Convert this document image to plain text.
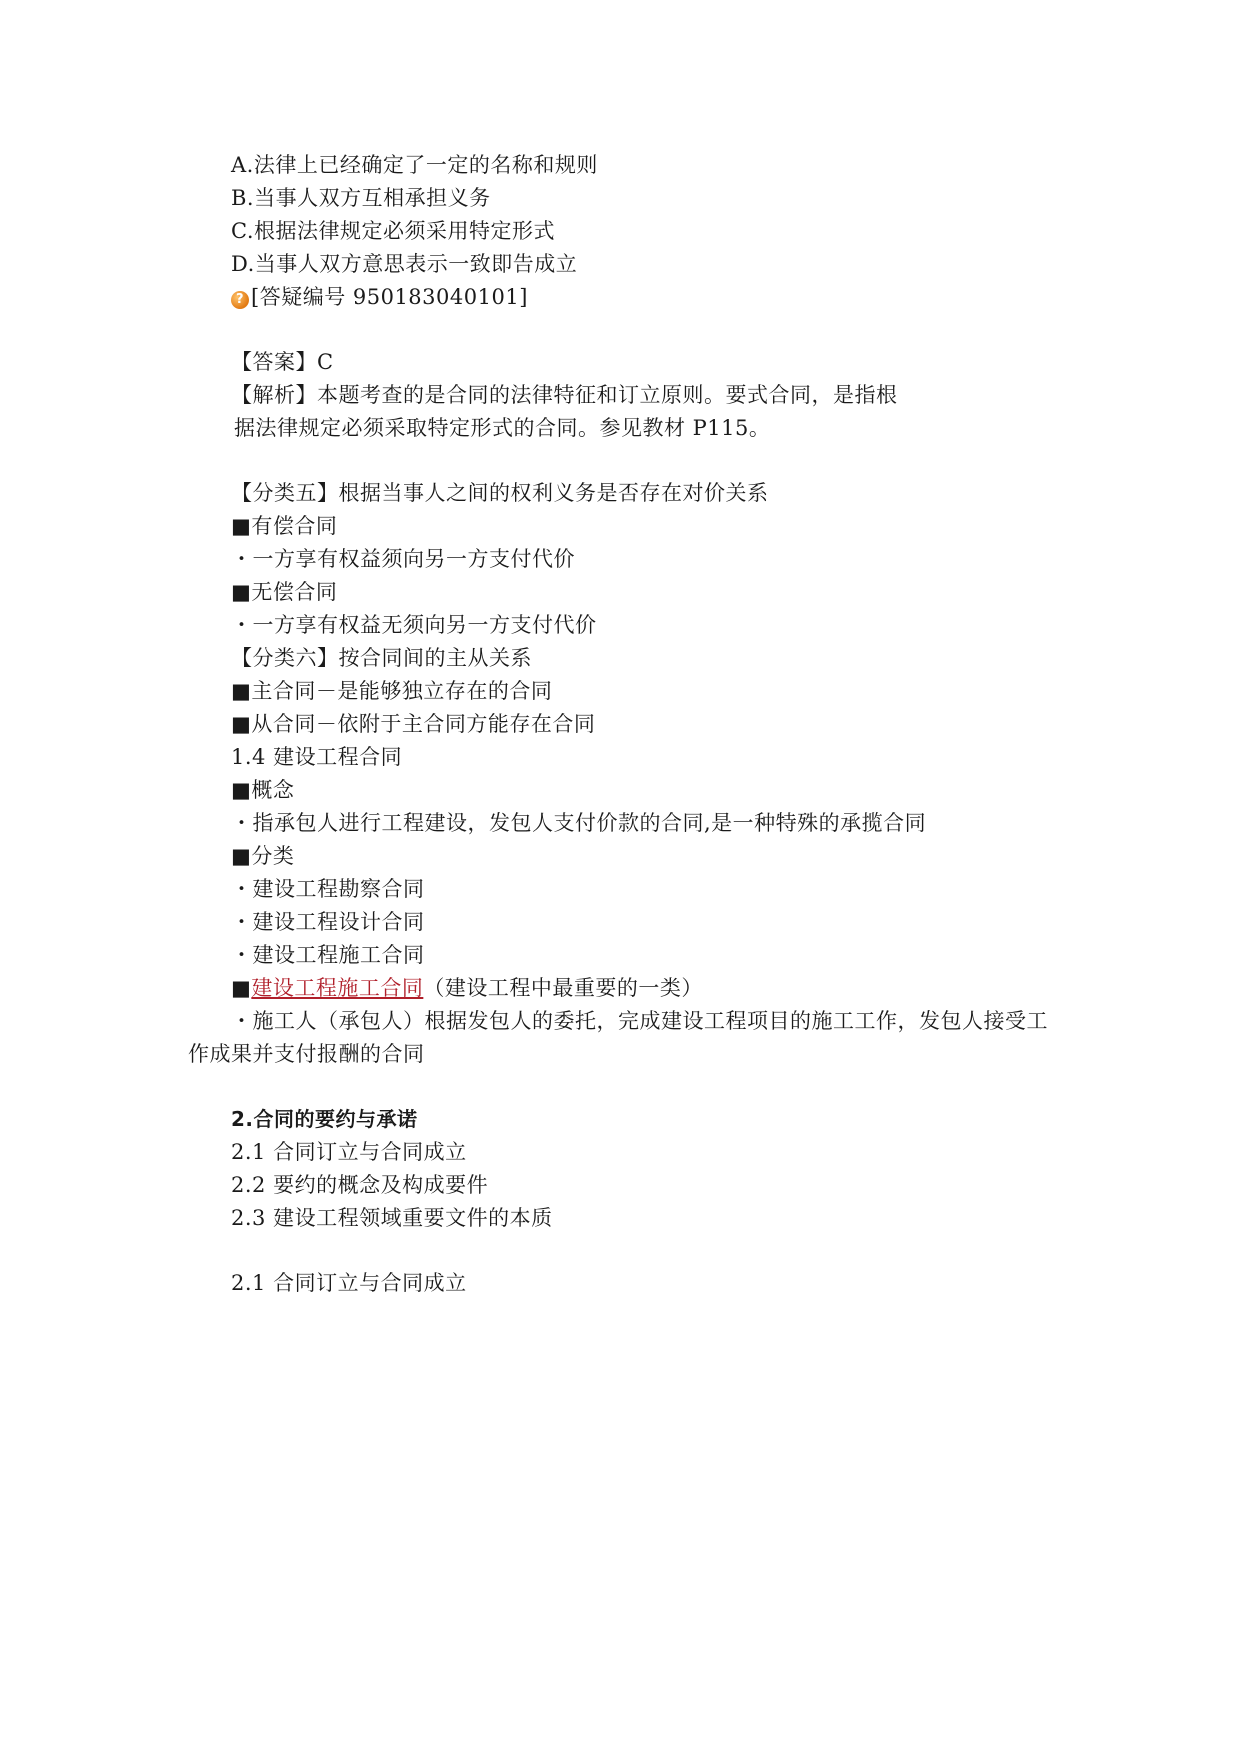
A.法律上已经确定了一定的名称和规则
B.当事人双方互相承担义务
C.根据法律规定必须采用特定形式
D.当事人双方意思表示一致即告成立
? [答疑编号 950183040101]
【答案】C
【解析】本题考查的是合同的法律特征和订立原则。要式合同，是指根
据法律规定必须采取特定形式的合同。参见教材 P115。
【分类五】根据当事人之间的权利义务是否存在对价关系
■有偿合同
・一方享有权益须向另一方支付代价
■无偿合同
・一方享有权益无须向另一方支付代价
【分类六】按合同间的主从关系
■主合同－是能够独立存在的合同
■从合同－依附于主合同方能存在合同
1.4 建设工程合同
■概念
・指承包人进行工程建设，发包人支付价款的合同,是一种特殊的承揽合同
■分类
・建设工程勘察合同
・建设工程设计合同
・建设工程施工合同
■建设工程施工合同（建设工程中最重要的一类）
・施工人（承包人）根据发包人的委托，完成建设工程项目的施工工作，发包人接受工
作成果并支付报酬的合同
2.合同的要约与承诺
2.1 合同订立与合同成立
2.2 要约的概念及构成要件
2.3 建设工程领域重要文件的本质
2.1 合同订立与合同成立
